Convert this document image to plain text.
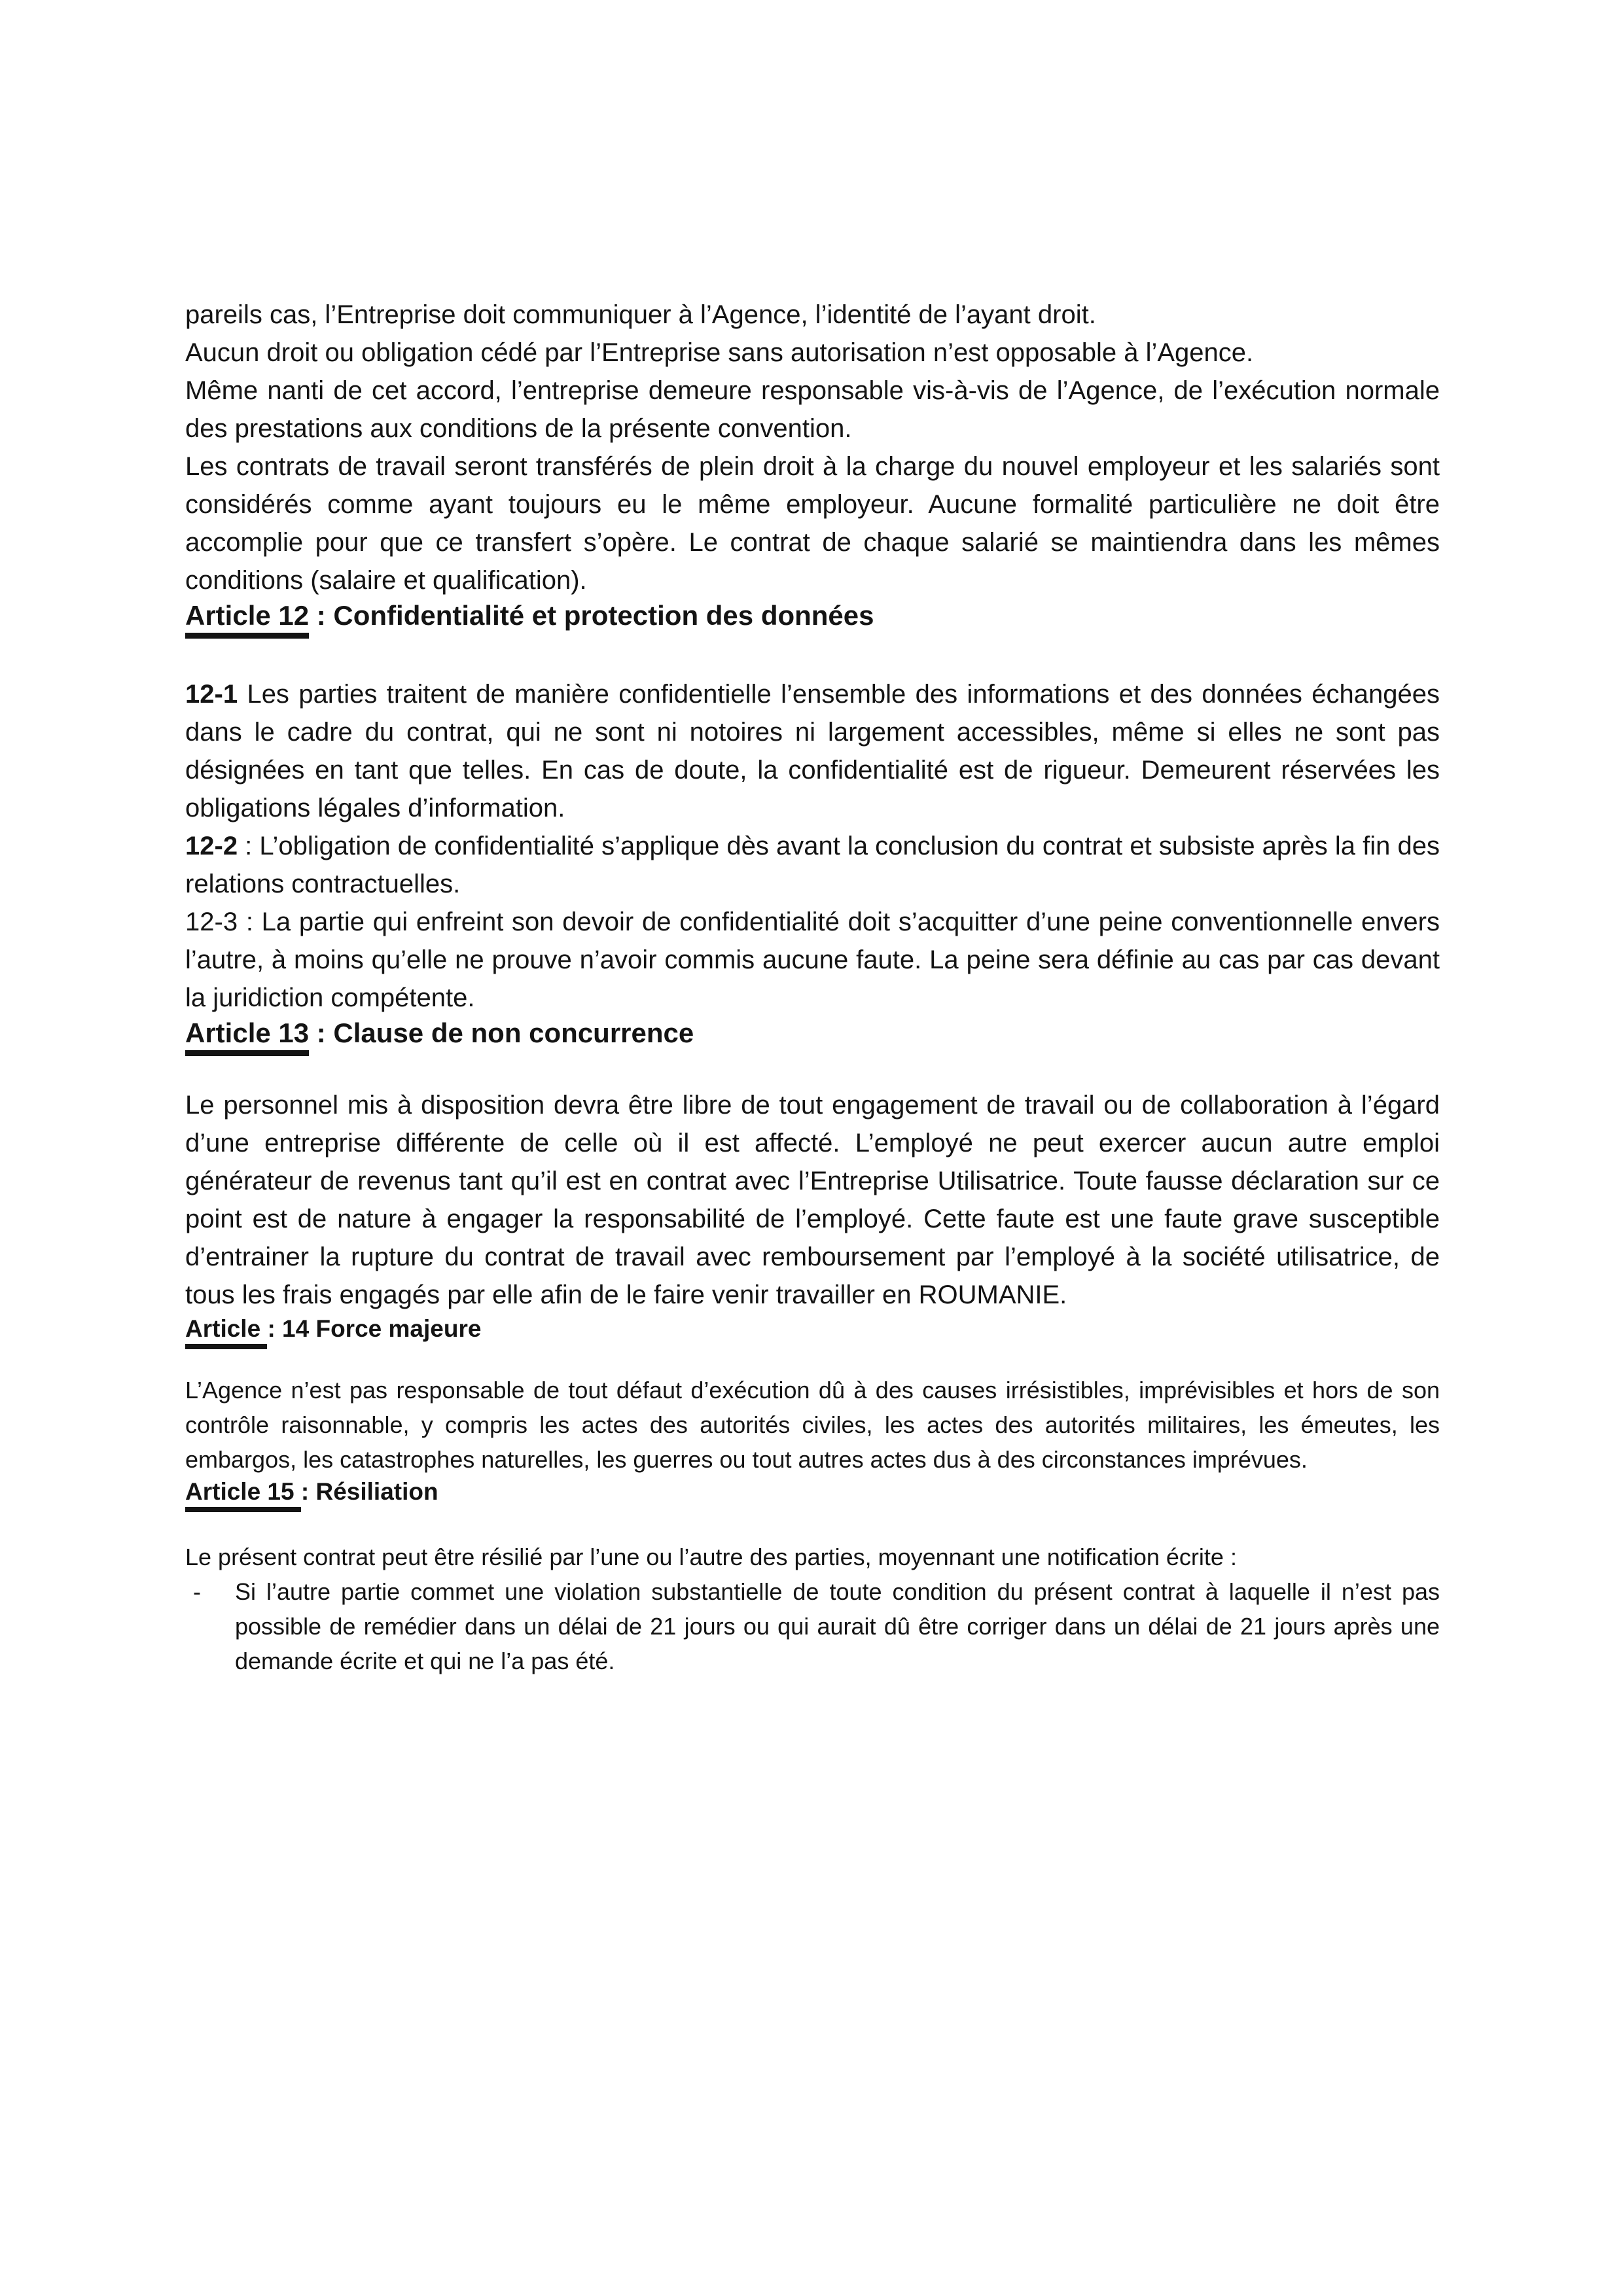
pareils cas, l’Entreprise doit communiquer à l’Agence, l’identité de l’ayant droit.

Aucun droit ou obligation cédé par l’Entreprise sans autorisation n’est opposable à l’Agence.

Même nanti de cet accord, l’entreprise demeure responsable vis-à-vis de l’Agence, de l’exécution normale des prestations aux conditions de la présente convention.

Les contrats de travail seront transférés de plein droit à la charge du nouvel employeur et les salariés sont considérés comme ayant toujours eu le même employeur. Aucune formalité particulière ne doit être accomplie pour que ce transfert s’opère. Le contrat de chaque salarié se maintiendra dans les mêmes conditions (salaire et qualification).

Article 12 : Confidentialité et protection des données

12-1 Les parties traitent de manière confidentielle l’ensemble des informations et des données échangées dans le cadre du contrat, qui ne sont ni notoires ni largement accessibles, même si elles ne sont pas désignées en tant que telles. En cas de doute, la confidentialité est de rigueur. Demeurent réservées les obligations légales d’information.

12-2 : L’obligation de confidentialité s’applique dès avant la conclusion du contrat et subsiste après la fin des relations contractuelles.

12-3 : La partie qui enfreint son devoir de confidentialité doit s’acquitter d’une peine conventionnelle envers l’autre, à moins qu’elle ne prouve n’avoir commis aucune faute. La peine sera définie au cas par cas devant la juridiction compétente.

Article 13 : Clause de non concurrence

Le personnel mis à disposition devra être libre de tout engagement de travail ou de collaboration à l’égard d’une entreprise différente de celle où il est affecté. L’employé ne peut exercer aucun autre emploi générateur de revenus tant qu’il est en contrat avec l’Entreprise Utilisatrice. Toute fausse déclaration sur ce point est de nature à engager la responsabilité de l’employé. Cette faute est une faute grave susceptible d’entrainer la rupture du contrat de travail avec remboursement par l’employé à la société utilisatrice, de tous les frais engagés par elle afin de le faire venir travailler en ROUMANIE.

Article : 14 Force majeure

L’Agence n’est pas responsable de tout défaut d’exécution dû à des causes irrésistibles, imprévisibles et hors de son contrôle raisonnable, y compris les actes des autorités civiles, les actes des autorités militaires, les émeutes, les embargos, les catastrophes naturelles, les guerres ou tout autres actes dus à des circonstances imprévues.

Article 15 : Résiliation

Le présent contrat peut être résilié par l’une ou l’autre des parties, moyennant une notification écrite :

- Si l’autre partie commet une violation substantielle de toute condition du présent contrat à laquelle il n’est pas possible de remédier dans un délai de 21 jours ou qui aurait dû être corriger dans un délai de 21 jours après une demande écrite et qui ne l’a pas été.
